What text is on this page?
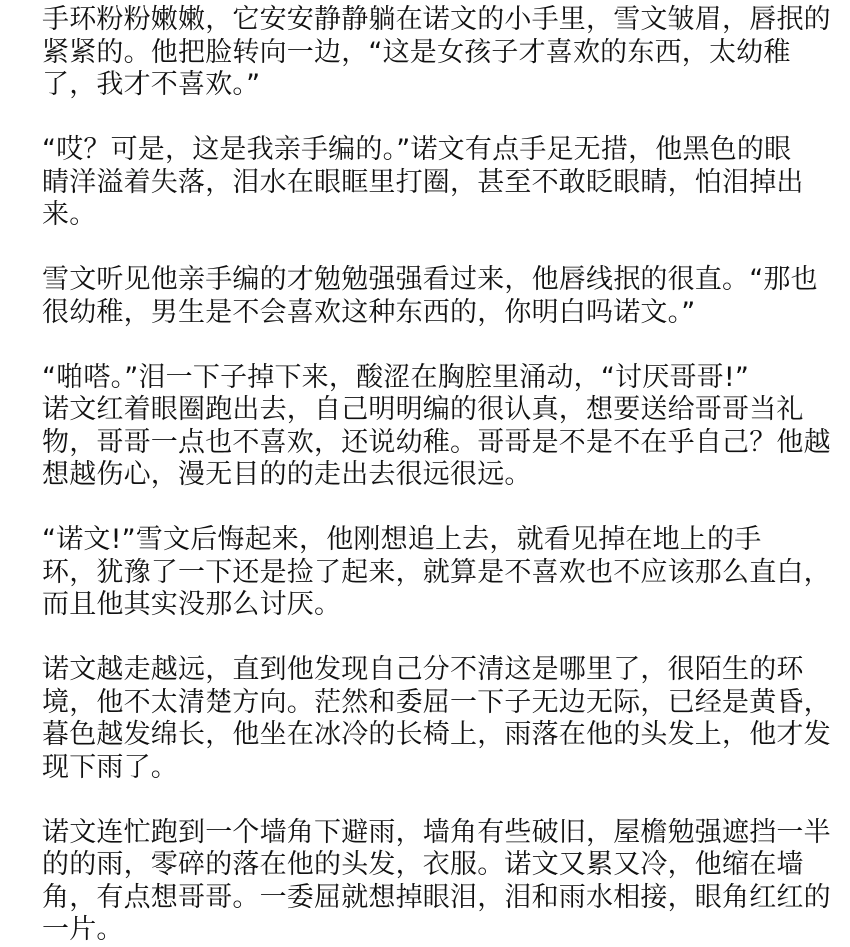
手环粉粉嫩嫩，它安安静静躺在诺文的小手里，雪文皱眉，唇抿的
紧紧的。他把脸转向一边，“这是女孩子才喜欢的东西，太幼稚
了，我才不喜欢。”

“哎？可是，这是我亲手编的。”诺文有点手足无措，他黑色的眼
睛洋溢着失落，泪水在眼眶里打圈，甚至不敢眨眼睛，怕泪掉出
来。

雪文听见他亲手编的才勉勉强强看过来，他唇线抿的很直。“那也
很幼稚，男生是不会喜欢这种东西的，你明白吗诺文。”

“啪嗒。”泪一下子掉下来，酸涩在胸腔里涌动，“讨厌哥哥!”
诺文红着眼圈跑出去，自己明明编的很认真，想要送给哥哥当礼
物，哥哥一点也不喜欢，还说幼稚。哥哥是不是不在乎自己？他越
想越伤心，漫无目的的走出去很远很远。

“诺文!”雪文后悔起来，他刚想追上去，就看见掉在地上的手
环，犹豫了一下还是捡了起来，就算是不喜欢也不应该那么直白，
而且他其实没那么讨厌。

诺文越走越远，直到他发现自己分不清这是哪里了，很陌生的环
境，他不太清楚方向。茫然和委屈一下子无边无际，已经是黄昏，
暮色越发绵长，他坐在冰冷的长椅上，雨落在他的头发上，他才发
现下雨了。

诺文连忙跑到一个墙角下避雨，墙角有些破旧，屋檐勉强遮挡一半
的的雨，零碎的落在他的头发，衣服。诺文又累又冷，他缩在墙
角，有点想哥哥。一委屈就想掉眼泪，泪和雨水相接，眼角红红的
一片。
